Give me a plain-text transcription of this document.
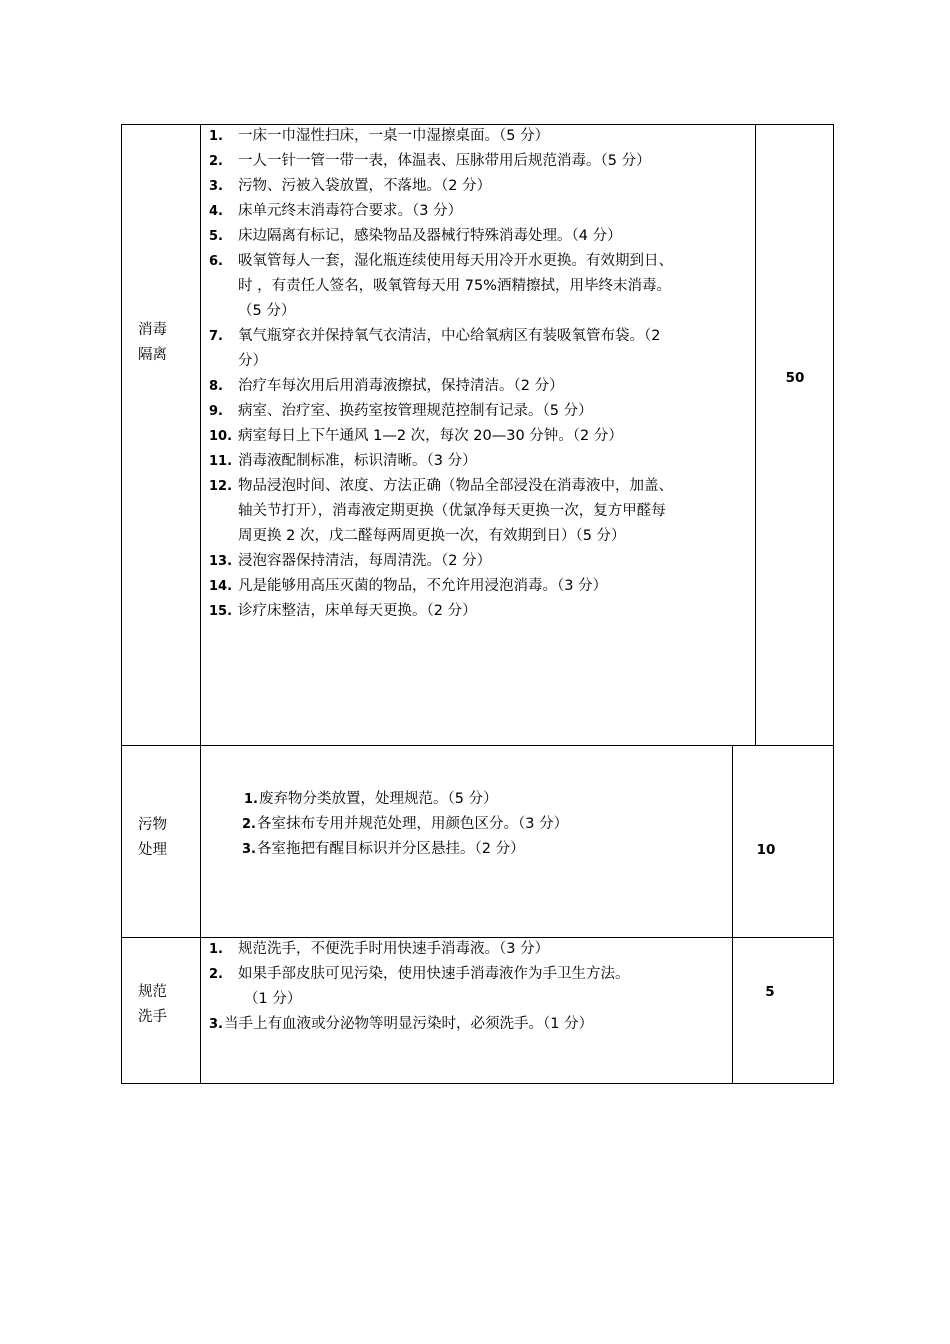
消毒
隔离
50
1. 一床一巾湿性扫床，一桌一巾湿擦桌面。（5 分）
2. 一人一针一管一带一表，体温表、压脉带用后规范消毒。（5 分）
3. 污物、污被入袋放置，不落地。（2 分）
4. 床单元终末消毒符合要求。（3 分）
5. 床边隔离有标记，感染物品及器械行特殊消毒处理。（4 分）
6. 吸氧管每人一套，湿化瓶连续使用每天用冷开水更换。有效期到日、
时 ，有责任人签名，吸氧管每天用 75%酒精擦拭，用毕终末消毒。
（5 分）
7. 氧气瓶穿衣并保持氧气衣清洁，中心给氧病区有装吸氧管布袋。（2
分）
8. 治疗车每次用后用消毒液擦拭，保持清洁。（2 分）
9. 病室、治疗室、换药室按管理规范控制有记录。（5 分）
10. 病室每日上下午通风 1—2 次，每次 20—30 分钟。（2 分）
11. 消毒液配制标准，标识清晰。（3 分）
12. 物品浸泡时间、浓度、方法正确（物品全部浸没在消毒液中，加盖、
轴关节打开），消毒液定期更换（优氯净每天更换一次，复方甲醛每
周更换 2 次，戊二醛每两周更换一次，有效期到日）（5 分）
13. 浸泡容器保持清洁，每周清洗。（2 分）
14. 凡是能够用高压灭菌的物品，不允许用浸泡消毒。（3 分）
15. 诊疗床整洁，床单每天更换。（2 分）
污物
处理	10
1. 废弃物分类放置，处理规范。（5 分）
2. 各室抹布专用并规范处理，用颜色区分。（3 分）
3. 各室拖把有醒目标识并分区悬挂。（2 分）
规范
洗手
5
1. 规范洗手，不便洗手时用快速手消毒液。（3 分）
2. 如果手部皮肤可见污染，使用快速手消毒液作为手卫生方法。
（1 分）
3. 当手上有血液或分泌物等明显污染时，必须洗手。（1 分）
